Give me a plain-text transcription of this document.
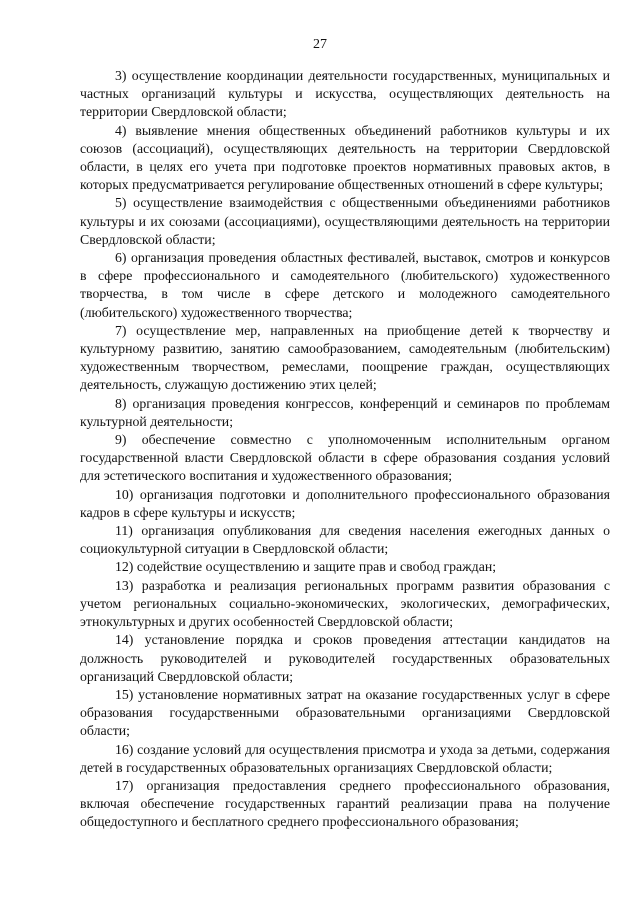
27

3) осуществление координации деятельности государственных, муниципальных и частных организаций культуры и искусства, осуществляющих деятельность на территории Свердловской области;

4) выявление мнения общественных объединений работников культуры и их союзов (ассоциаций), осуществляющих деятельность на территории Свердловской области, в целях его учета при подготовке проектов нормативных правовых актов, в которых предусматривается регулирование общественных отношений в сфере культуры;

5) осуществление взаимодействия с общественными объединениями работников культуры и их союзами (ассоциациями), осуществляющими деятельность на территории Свердловской области;

6) организация проведения областных фестивалей, выставок, смотров и конкурсов в сфере профессионального и самодеятельного (любительского) художественного творчества, в том числе в сфере детского и молодежного самодеятельного (любительского) художественного творчества;

7) осуществление мер, направленных на приобщение детей к творчеству и культурному развитию, занятию самообразованием, самодеятельным (любительским) художественным творчеством, ремеслами, поощрение граждан, осуществляющих деятельность, служащую достижению этих целей;

8) организация проведения конгрессов, конференций и семинаров по проблемам культурной деятельности;

9) обеспечение совместно с уполномоченным исполнительным органом государственной власти Свердловской области в сфере образования создания условий для эстетического воспитания и художественного образования;

10) организация подготовки и дополнительного профессионального образования кадров в сфере культуры и искусств;

11) организация опубликования для сведения населения ежегодных данных о социокультурной ситуации в Свердловской области;

12) содействие осуществлению и защите прав и свобод граждан;

13) разработка и реализация региональных программ развития образования с учетом региональных социально-экономических, экологических, демографических, этнокультурных и других особенностей Свердловской области;

14) установление порядка и сроков проведения аттестации кандидатов на должность руководителей и руководителей государственных образовательных организаций Свердловской области;

15) установление нормативных затрат на оказание государственных услуг в сфере образования государственными образовательными организациями Свердловской области;

16) создание условий для осуществления присмотра и ухода за детьми, содержания детей в государственных образовательных организациях Свердловской области;

17) организация предоставления среднего профессионального образования, включая обеспечение государственных гарантий реализации права на получение общедоступного и бесплатного среднего профессионального образования;
